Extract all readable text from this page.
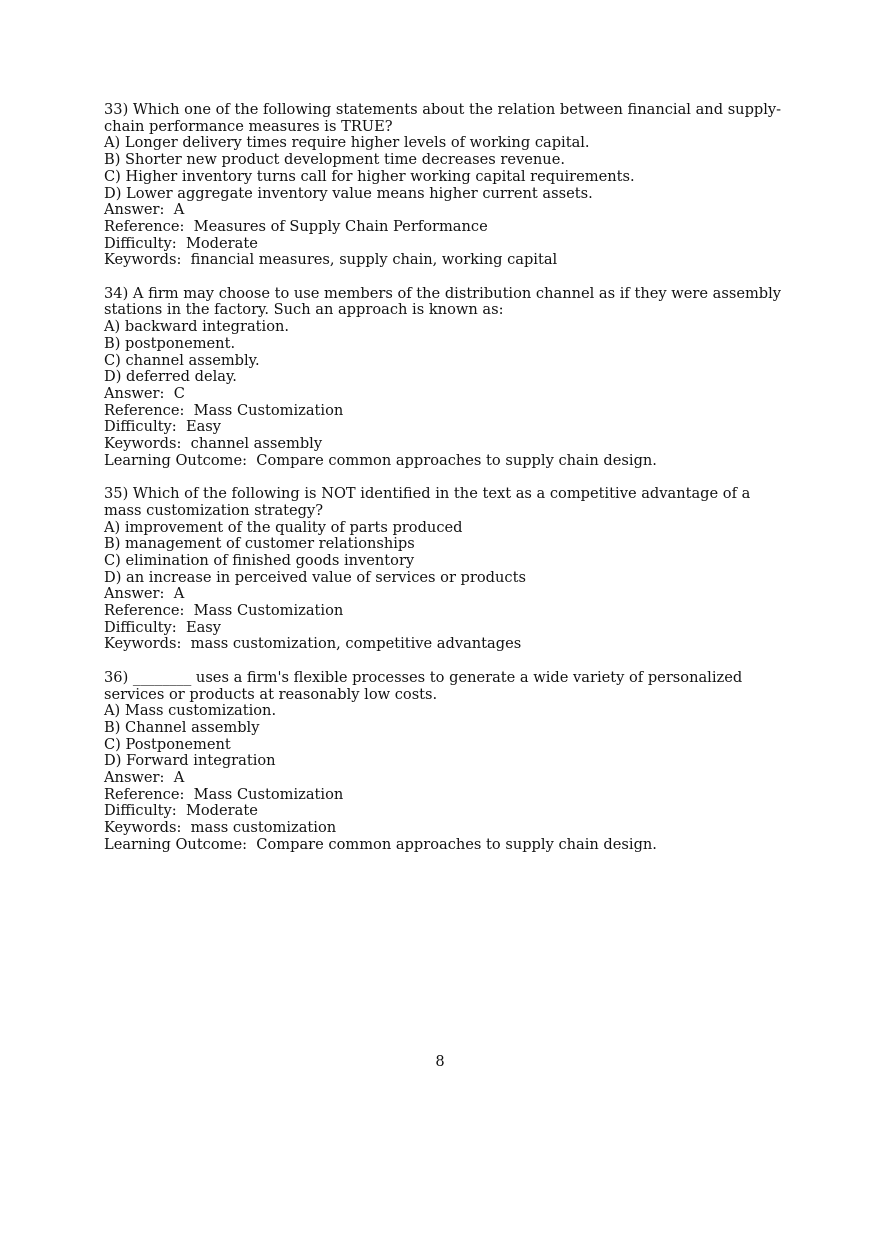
33) Which one of the following statements about the relation between financial and supply-
chain performance measures is TRUE?
A) Longer delivery times require higher levels of working capital.
B) Shorter new product development time decreases revenue.
C) Higher inventory turns call for higher working capital requirements.
D) Lower aggregate inventory value means higher current assets.
Answer:  A
Reference:  Measures of Supply Chain Performance
Difficulty:  Moderate
Keywords:  financial measures, supply chain, working capital
34) A firm may choose to use members of the distribution channel as if they were assembly
stations in the factory. Such an approach is known as:
A) backward integration.
B) postponement.
C) channel assembly.
D) deferred delay.
Answer:  C
Reference:  Mass Customization
Difficulty:  Easy
Keywords:  channel assembly
Learning Outcome:  Compare common approaches to supply chain design.
35) Which of the following is NOT identified in the text as a competitive advantage of a
mass customization strategy?
A) improvement of the quality of parts produced
B) management of customer relationships
C) elimination of finished goods inventory
D) an increase in perceived value of services or products
Answer:  A
Reference:  Mass Customization
Difficulty:  Easy
Keywords:  mass customization, competitive advantages
36) ________ uses a firm's flexible processes to generate a wide variety of personalized
services or products at reasonably low costs.
A) Mass customization.
B) Channel assembly
C) Postponement
D) Forward integration
Answer:  A
Reference:  Mass Customization
Difficulty:  Moderate
Keywords:  mass customization
Learning Outcome:  Compare common approaches to supply chain design.
8
